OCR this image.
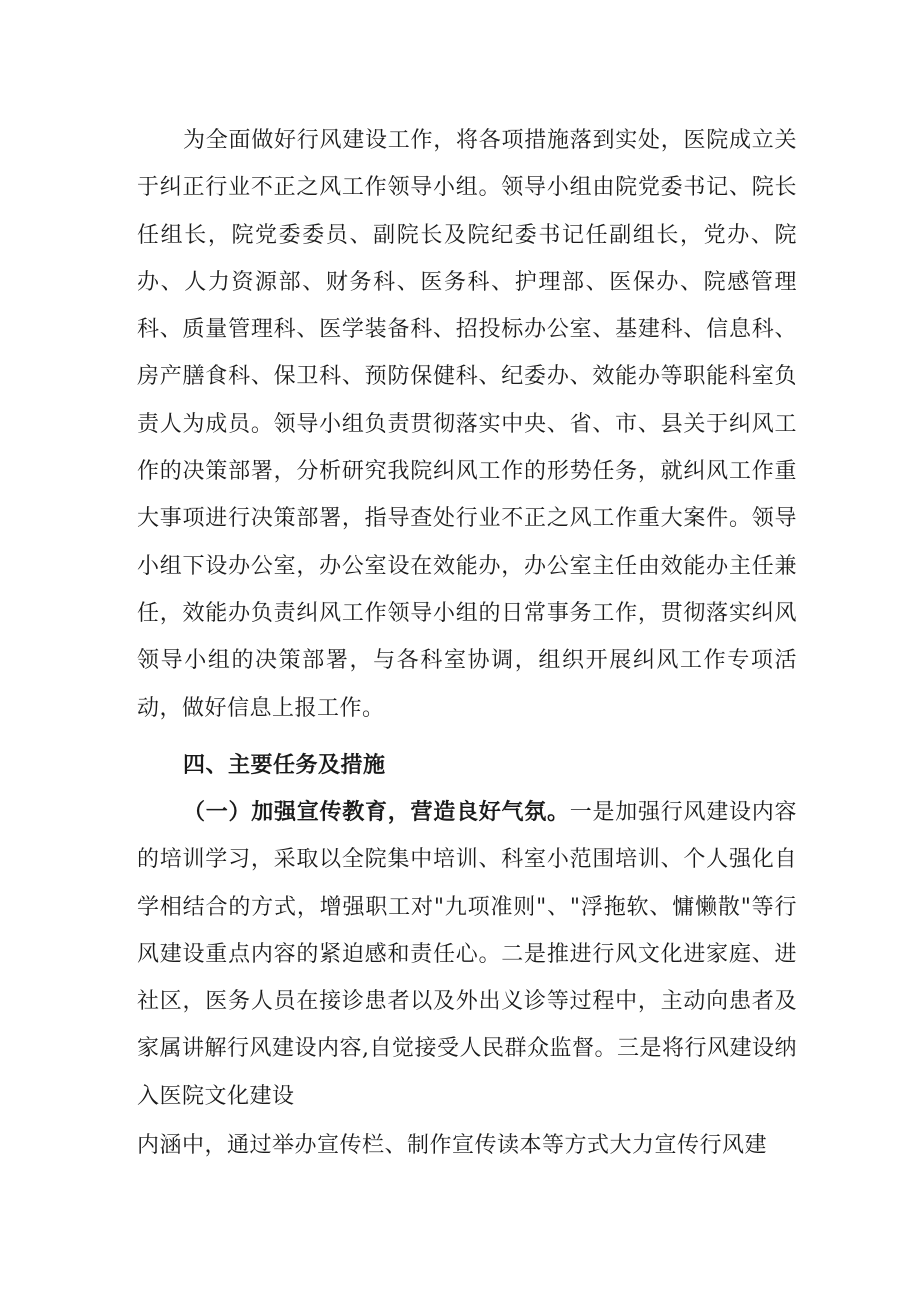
为全面做好行风建设工作，将各项措施落到实处，医院成立关于纠正行业不正之风工作领导小组。领导小组由院党委书记、院长任组长，院党委委员、副院长及院纪委书记任副组长，党办、院办、人力资源部、财务科、医务科、护理部、医保办、院感管理科、质量管理科、医学装备科、招投标办公室、基建科、信息科、房产膳食科、保卫科、预防保健科、纪委办、效能办等职能科室负责人为成员。领导小组负责贯彻落实中央、省、市、县关于纠风工作的决策部署，分析研究我院纠风工作的形势任务，就纠风工作重大事项进行决策部署，指导查处行业不正之风工作重大案件。领导小组下设办公室，办公室设在效能办，办公室主任由效能办主任兼任，效能办负责纠风工作领导小组的日常事务工作，贯彻落实纠风领导小组的决策部署，与各科室协调，组织开展纠风工作专项活动，做好信息上报工作。

四、主要任务及措施

（一）加强宣传教育，营造良好气氛。一是加强行风建设内容的培训学习，采取以全院集中培训、科室小范围培训、个人强化自学相结合的方式，增强职工对"九项准则"、"浮拖软、慵懒散"等行风建设重点内容的紧迫感和责任心。二是推进行风文化进家庭、进社区，医务人员在接诊患者以及外出义诊等过程中，主动向患者及家属讲解行风建设内容,自觉接受人民群众监督。三是将行风建设纳入医院文化建设

内涵中，通过举办宣传栏、制作宣传读本等方式大力宣传行风建
